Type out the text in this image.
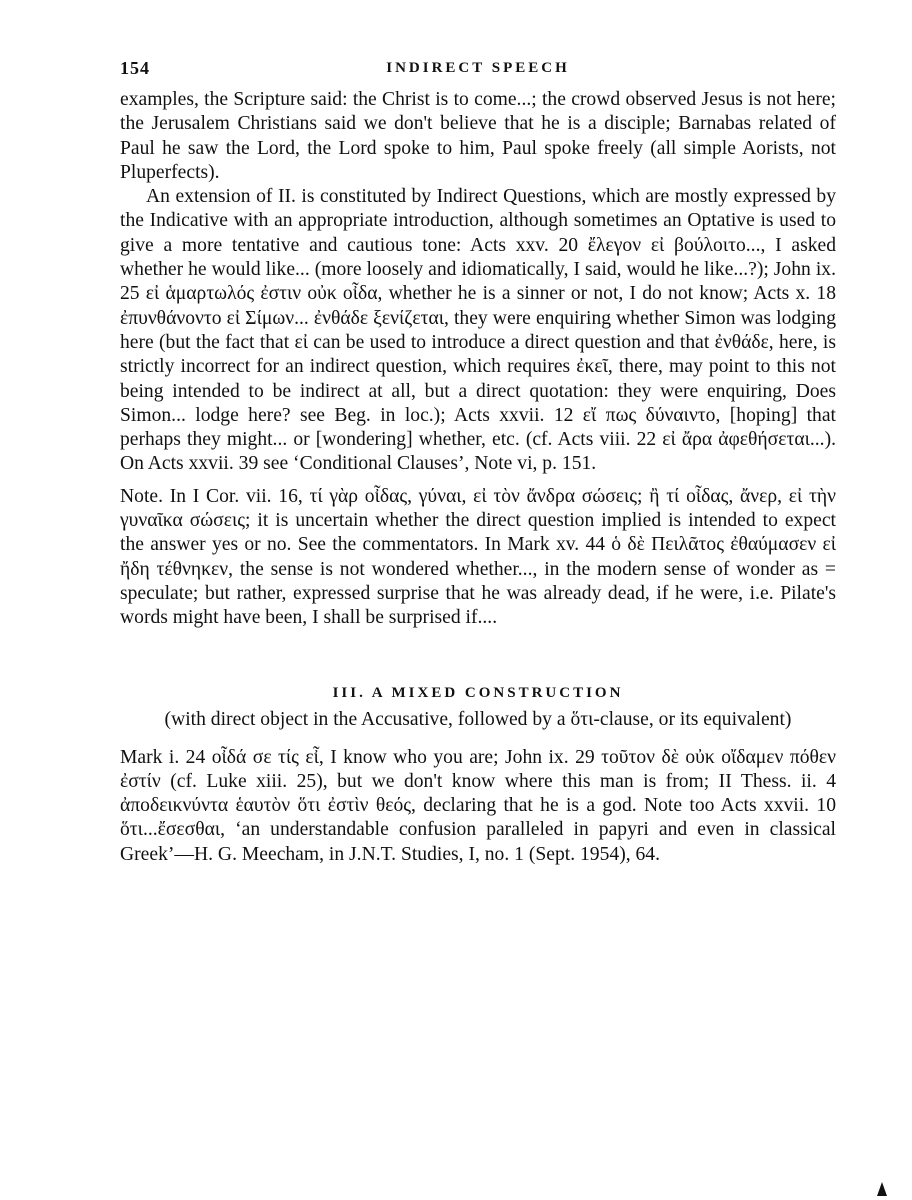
154	INDIRECT SPEECH

examples, the Scripture said: the Christ is to come...; the crowd observed Jesus is not here; the Jerusalem Christians said we don't believe that he is a disciple; Barnabas related of Paul he saw the Lord, the Lord spoke to him, Paul spoke freely (all simple Aorists, not Pluperfects).

An extension of II. is constituted by Indirect Questions, which are mostly expressed by the Indicative with an appropriate introduction, although sometimes an Optative is used to give a more tentative and cautious tone: Acts xxv. 20 ἔλεγον εἰ βούλοιτο..., I asked whether he would like... (more loosely and idiomatically, I said, would he like...?); John ix. 25 εἰ ἁμαρτωλός ἐστιν οὐκ οἶδα, whether he is a sinner or not, I do not know; Acts x. 18 ἐπυνθάνοντο εἰ Σίμων... ἐνθάδε ξενίζεται, they were enquiring whether Simon was lodging here (but the fact that εἰ can be used to introduce a direct question and that ἐνθάδε, here, is strictly incorrect for an indirect question, which requires ἐκεῖ, there, may point to this not being intended to be indirect at all, but a direct quotation: they were enquiring, Does Simon... lodge here? see Beg. in loc.); Acts xxvii. 12 εἴ πως δύναιντο, [hoping] that perhaps they might... or [wondering] whether, etc. (cf. Acts viii. 22 εἰ ἄρα ἀφεθήσεται...). On Acts xxvii. 39 see ‘Conditional Clauses’, Note vi, p. 151.

Note. In I Cor. vii. 16, τί γὰρ οἶδας, γύναι, εἰ τὸν ἄνδρα σώσεις; ἢ τί οἶδας, ἄνερ, εἰ τὴν γυναῖκα σώσεις; it is uncertain whether the direct question implied is intended to expect the answer yes or no. See the commentators. In Mark xv. 44 ὁ δὲ Πειλᾶτος ἐθαύμασεν εἰ ἤδη τέθνηκεν, the sense is not wondered whether..., in the modern sense of wonder as = speculate; but rather, expressed surprise that he was already dead, if he were, i.e. Pilate's words might have been, I shall be surprised if....

III. A MIXED CONSTRUCTION
(with direct object in the Accusative, followed by a ὅτι-clause, or its equivalent)

Mark i. 24 οἶδά σε τίς εἶ, I know who you are; John ix. 29 τοῦτον δὲ οὐκ οἴδαμεν πόθεν ἐστίν (cf. Luke xiii. 25), but we don't know where this man is from; II Thess. ii. 4 ἀποδεικνύντα ἑαυτὸν ὅτι ἐστὶν θεός, declaring that he is a god. Note too Acts xxvii. 10 ὅτι...ἔσεσθαι, ‘an understandable confusion paralleled in papyri and even in classical Greek’—H. G. Meecham, in J.N.T. Studies, I, no. 1 (Sept. 1954), 64.
